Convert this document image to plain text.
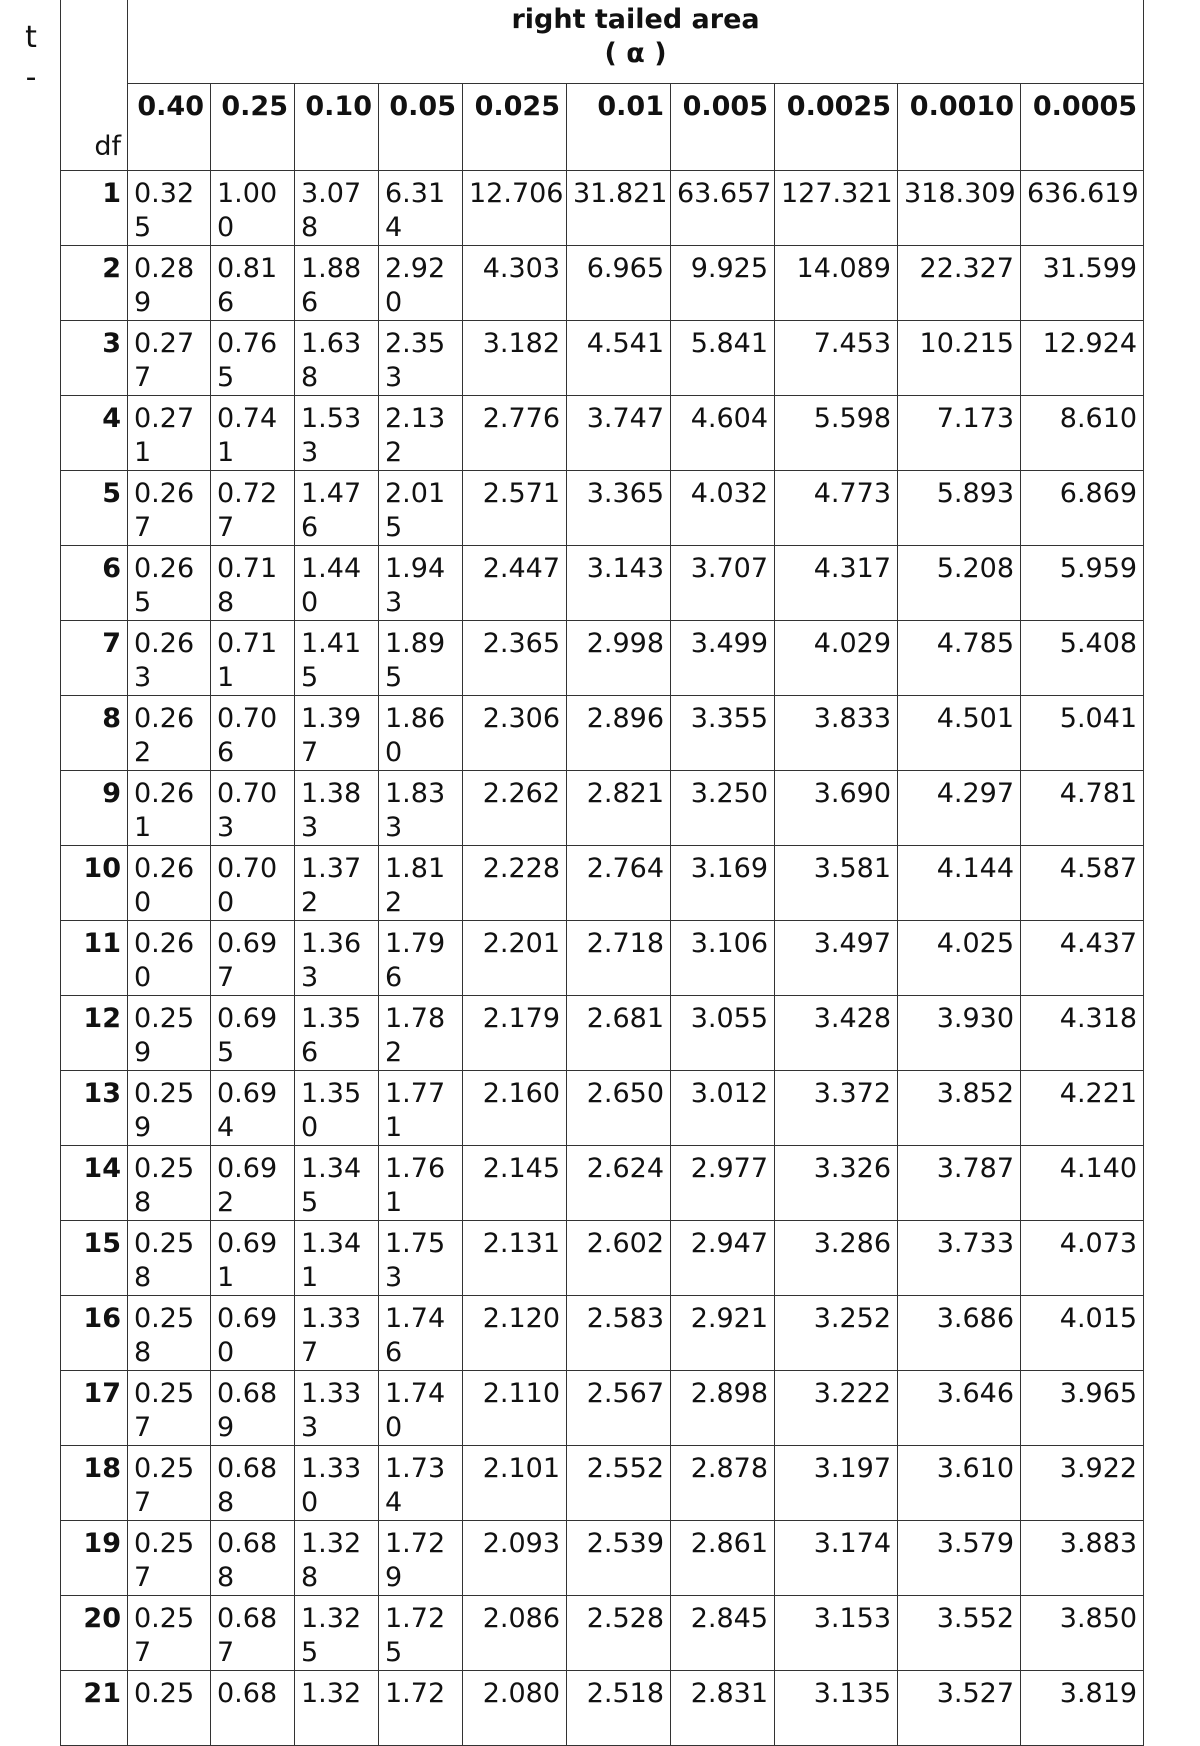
t
-
df	right tailed area
( α )									

	0.40	0.25	0.10	0.05	0.025	0.01	0.005	0.0025	0.0010	0.0005
1	0.325	1.000	3.078	6.314	12.706	31.821	63.657	127.321	318.309	636.619
2	0.289	0.816	1.886	2.920	4.303	6.965	9.925	14.089	22.327	31.599
3	0.277	0.765	1.638	2.353	3.182	4.541	5.841	7.453	10.215	12.924
4	0.271	0.741	1.533	2.132	2.776	3.747	4.604	5.598	7.173	8.610
5	0.267	0.727	1.476	2.015	2.571	3.365	4.032	4.773	5.893	6.869
6	0.265	0.718	1.440	1.943	2.447	3.143	3.707	4.317	5.208	5.959
7	0.263	0.711	1.415	1.895	2.365	2.998	3.499	4.029	4.785	5.408
8	0.262	0.706	1.397	1.860	2.306	2.896	3.355	3.833	4.501	5.041
9	0.261	0.703	1.383	1.833	2.262	2.821	3.250	3.690	4.297	4.781
10	0.260	0.700	1.372	1.812	2.228	2.764	3.169	3.581	4.144	4.587
11	0.260	0.697	1.363	1.796	2.201	2.718	3.106	3.497	4.025	4.437
12	0.259	0.695	1.356	1.782	2.179	2.681	3.055	3.428	3.930	4.318
13	0.259	0.694	1.350	1.771	2.160	2.650	3.012	3.372	3.852	4.221
14	0.258	0.692	1.345	1.761	2.145	2.624	2.977	3.326	3.787	4.140
15	0.258	0.691	1.341	1.753	2.131	2.602	2.947	3.286	3.733	4.073
16	0.258	0.690	1.337	1.746	2.120	2.583	2.921	3.252	3.686	4.015
17	0.257	0.689	1.333	1.740	2.110	2.567	2.898	3.222	3.646	3.965
18	0.257	0.688	1.330	1.734	2.101	2.552	2.878	3.197	3.610	3.922
19	0.257	0.688	1.328	1.729	2.093	2.539	2.861	3.174	3.579	3.883
20	0.257	0.687	1.325	1.725	2.086	2.528	2.845	3.153	3.552	3.850
21	0.25	0.68	1.32	1.72	2.080	2.518	2.831	3.135	3.527	3.819
